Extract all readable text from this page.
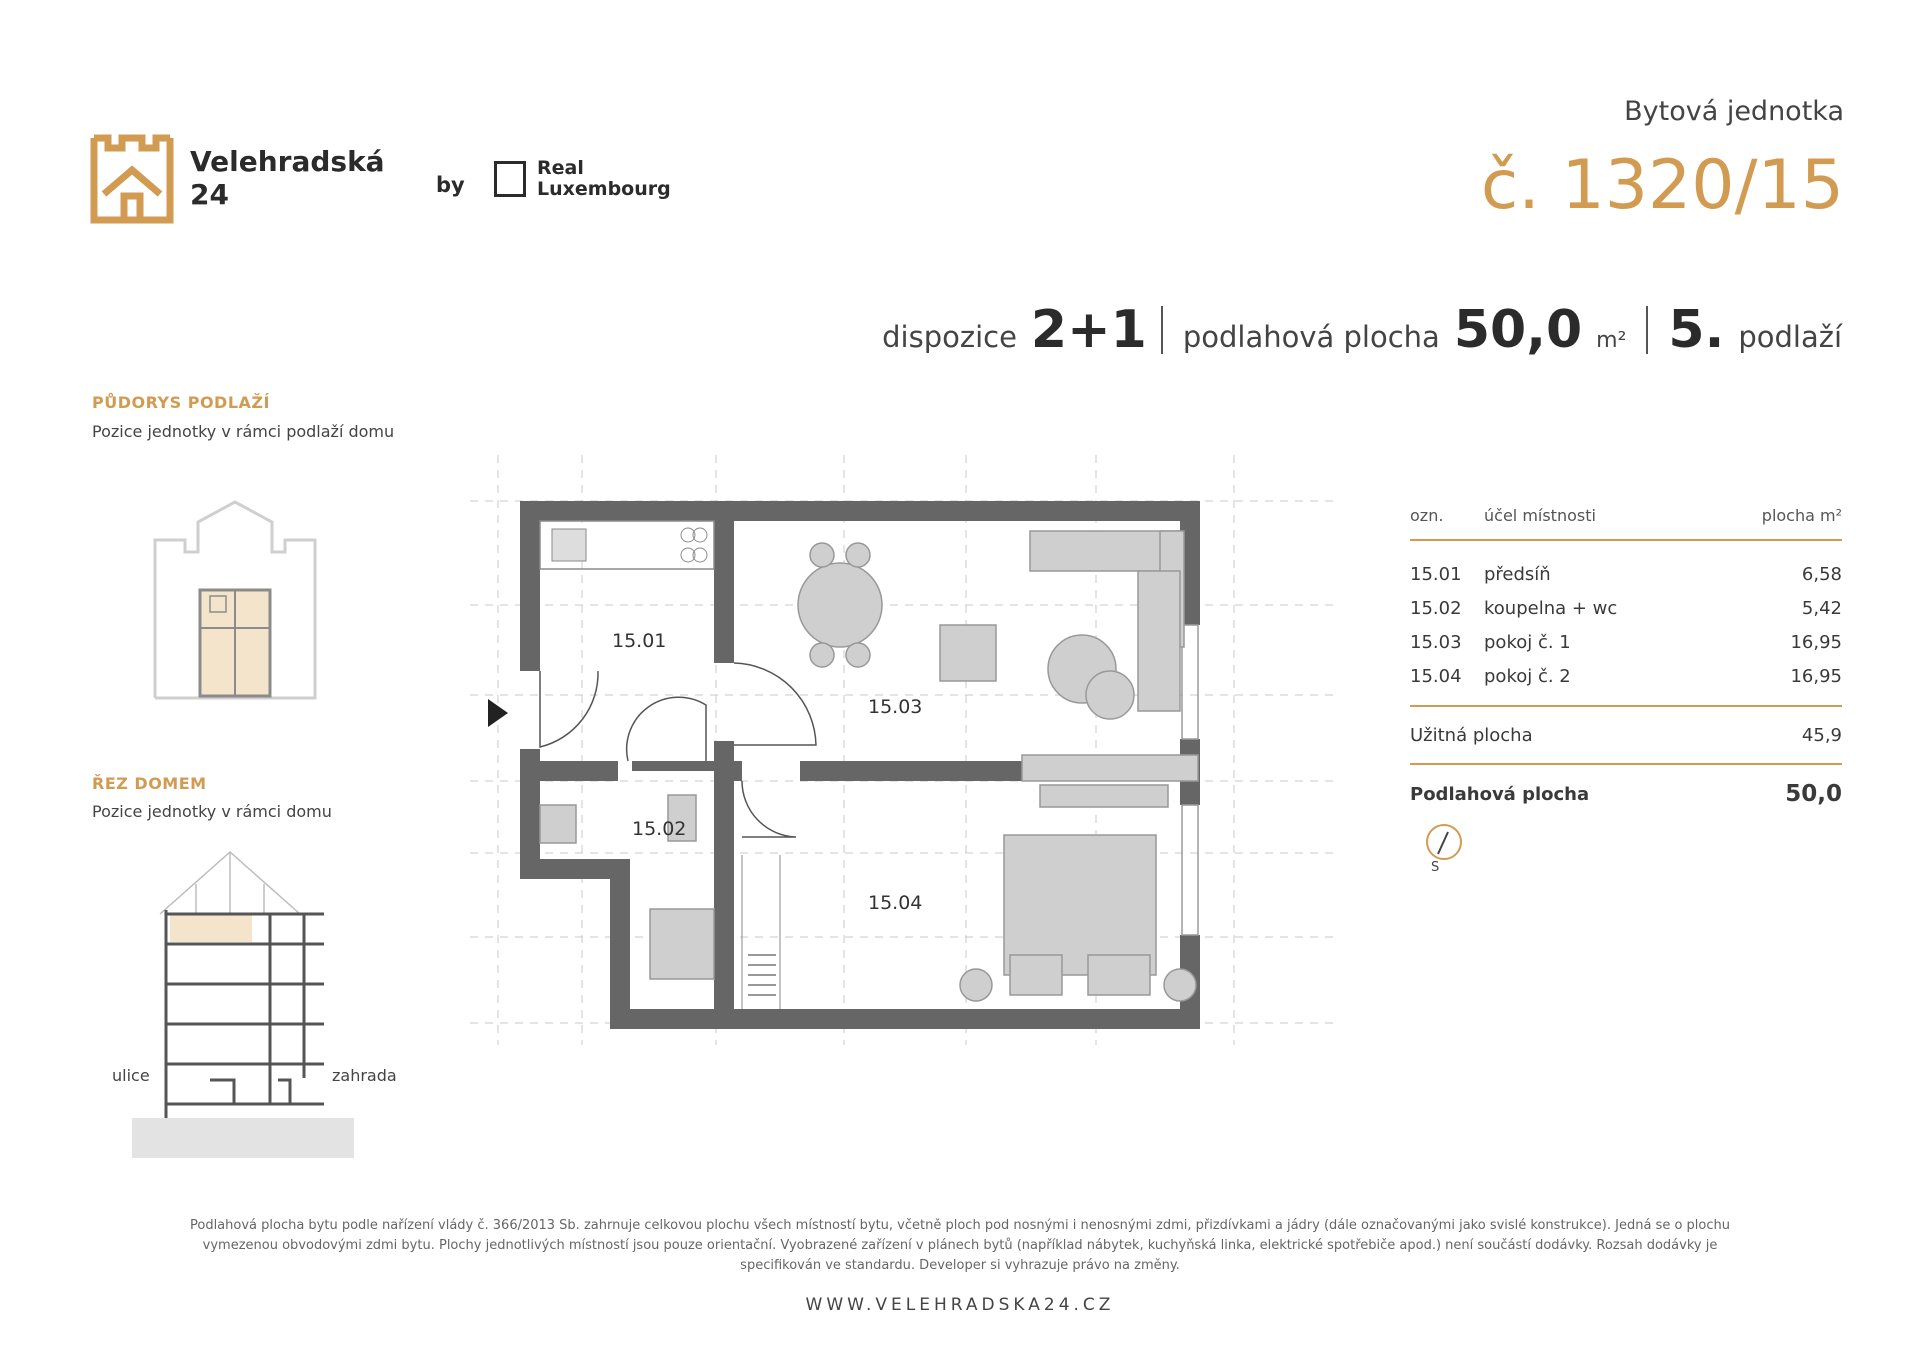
Velehradská
24	by
Real
Luxembourg
Bytová jednotka
č. 1320/15
dispozice 2+1 podlahová plocha 50,0 m² 5. podlaží
PŮDORYS PODLAŽÍ
Pozice jednotky v rámci podlaží domu
ŘEZ DOMEM
Pozice jednotky v rámci domu
ulice	zahrada
15.01
15.02
15.03
15.04
ozn.	účel místnosti	plocha m²
15.01	předsíň	6,58
15.02	koupelna + wc	5,42
15.03	pokoj č. 1	16,95
15.04	pokoj č. 2	16,95
Užitná plocha	45,9
Podlahová plocha	50,0
S
Podlahová plocha bytu podle nařízení vlády č. 366/2013 Sb. zahrnuje celkovou plochu všech místností bytu, včetně ploch pod nosnými i nenosnými zdmi, přizdívkami a jádry (dále označovanými jako svislé konstrukce). Jedná se o plochu
vymezenou obvodovými zdmi bytu. Plochy jednotlivých místností jsou pouze orientační. Vyobrazené zařízení v plánech bytů (například nábytek, kuchyňská linka, elektrické spotřebiče apod.) není součástí dodávky. Rozsah dodávky je
specifikován ve standardu. Developer si vyhrazuje právo na změny.
WWW.VELEHRADSKA24.CZ
